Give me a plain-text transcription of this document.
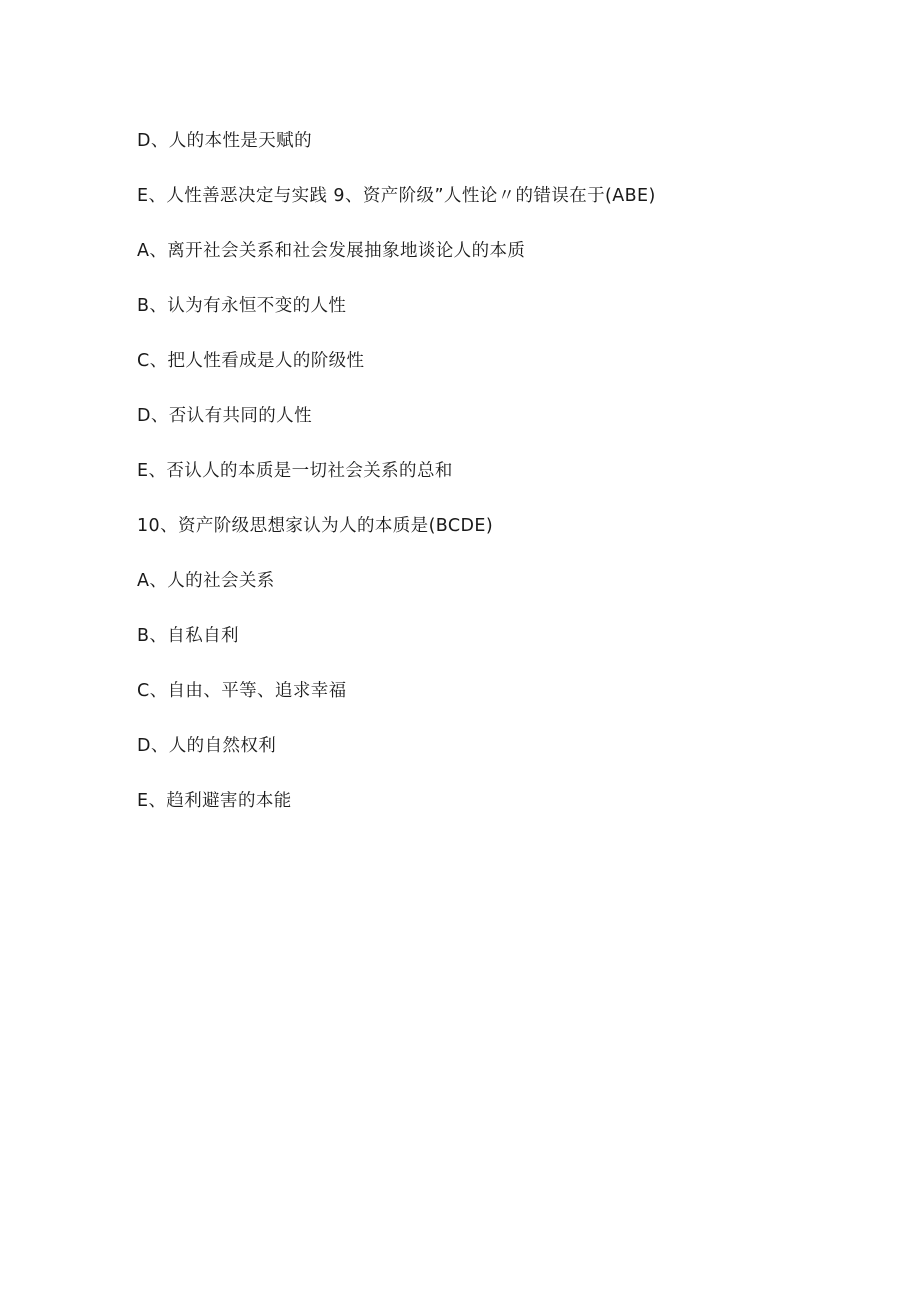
D、人的本性是天赋的
E、人性善恶决定与实践 9、资产阶级”人性论〃的错误在于(ABE)
A、离开社会关系和社会发展抽象地谈论人的本质
B、认为有永恒不变的人性
C、把人性看成是人的阶级性
D、否认有共同的人性
E、否认人的本质是一切社会关系的总和
10、资产阶级思想家认为人的本质是(BCDE)
A、人的社会关系
B、自私自利
C、自由、平等、追求幸福
D、人的自然权利
E、趋利避害的本能
